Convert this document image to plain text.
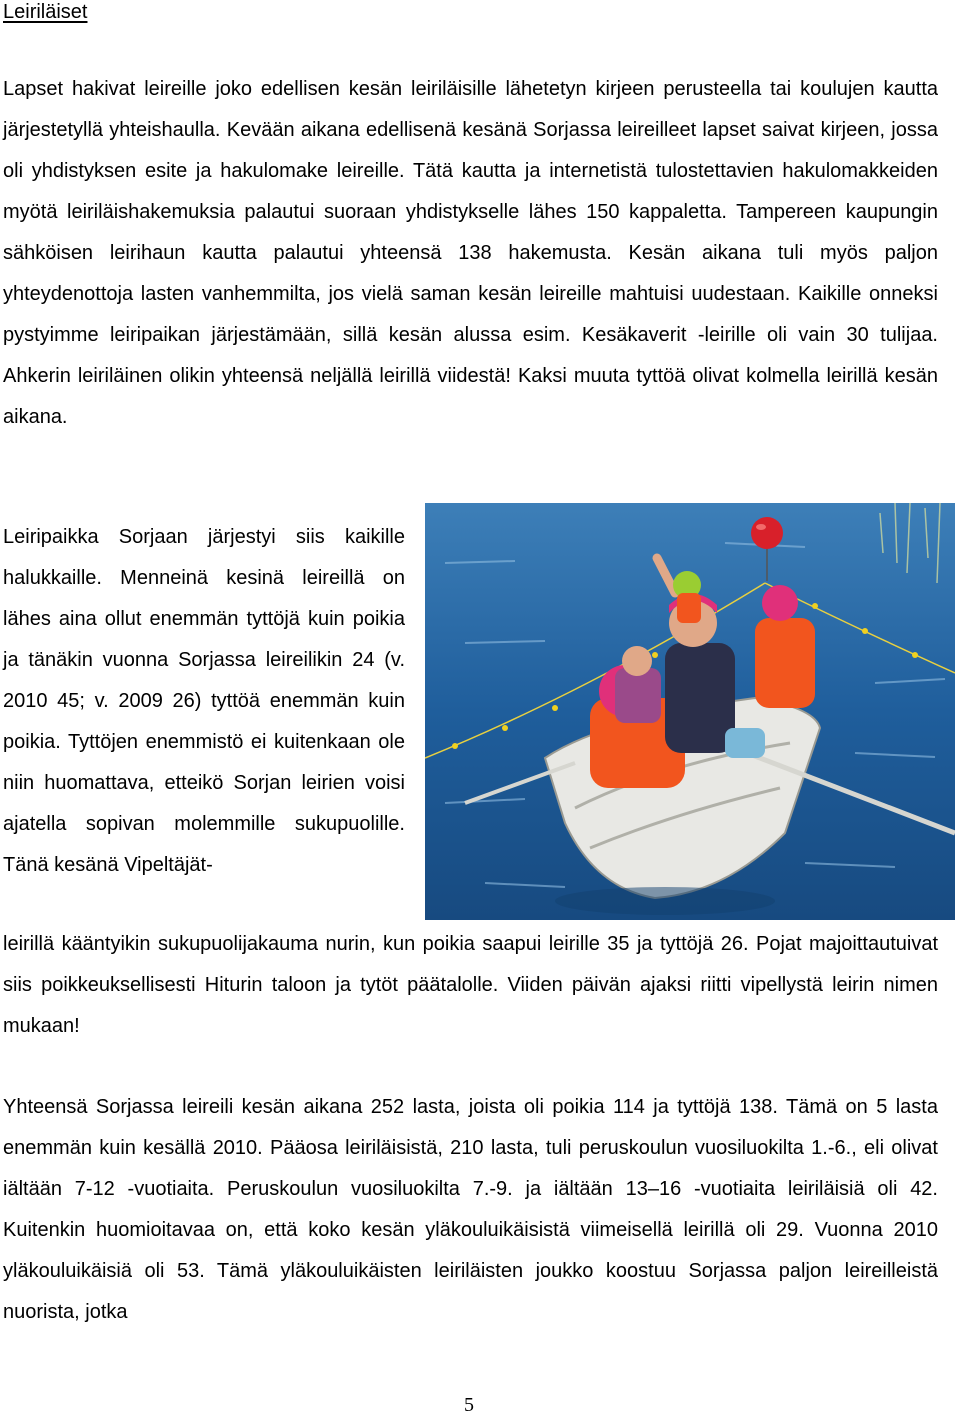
Leiriläiset

Lapset hakivat leireille joko edellisen kesän leiriläisille lähetetyn kirjeen perusteella tai koulujen kautta järjestetyllä yhteishaulla. Kevään aikana edellisenä kesänä Sorjassa leireilleet lapset saivat kirjeen, jossa oli yhdistyksen esite ja hakulomake leireille. Tätä kautta ja internetistä tulostettavien hakulomakkeiden myötä leiriläishakemuksia palautui suoraan yhdistykselle lähes 150 kappaletta. Tampereen kaupungin sähköisen leirihaun kautta palautui yhteensä 138 hakemusta. Kesän aikana tuli myös paljon yhteydenottoja lasten vanhemmilta, jos vielä saman kesän leireille mahtuisi uudestaan. Kaikille onneksi pystyimme leiripaikan järjestämään, sillä kesän alussa esim. Kesäkaverit -leirille oli vain 30 tulijaa. Ahkerin leiriläinen olikin yhteensä neljällä leirillä viidestä! Kaksi muuta tyttöä olivat kolmella leirillä kesän aikana.

Leiripaikka Sorjaan järjestyi siis kaikille halukkaille. Menneinä kesinä leireillä on lähes aina ollut enemmän tyttöjä kuin poikia ja tänäkin vuonna Sorjassa leireilikin 24 (v. 2010 45; v. 2009 26) tyttöä enemmän kuin poikia. Tyttöjen enemmistö ei kuitenkaan ole niin huomattava, etteikö Sorjan leirien voisi ajatella sopivan molemmille sukupuolille. Tänä kesänä Vipeltäjät-

leirillä kääntyikin sukupuolijakauma nurin, kun poikia saapui leirille 35 ja tyttöjä 26. Pojat majoittautuivat siis poikkeuksellisesti Hiturin taloon ja tytöt päätalolle. Viiden päivän ajaksi riitti vipellystä leirin nimen mukaan!

Yhteensä Sorjassa leireili kesän aikana 252 lasta, joista oli poikia 114 ja tyttöjä 138. Tämä on 5 lasta enemmän kuin kesällä 2010. Pääosa leiriläisistä, 210 lasta, tuli peruskoulun vuosiluokilta 1.-6., eli olivat iältään 7-12 -vuotiaita. Peruskoulun vuosiluokilta 7.-9. ja iältään 13–16 -vuotiaita leiriläisiä oli 42. Kuitenkin huomioitavaa on, että koko kesän yläkouluikäisistä viimeisellä leirillä oli 29. Vuonna 2010 yläkouluikäisiä oli 53. Tämä yläkouluikäisten leiriläisten joukko koostuu Sorjassa paljon leireilleistä nuorista, jotka

5
